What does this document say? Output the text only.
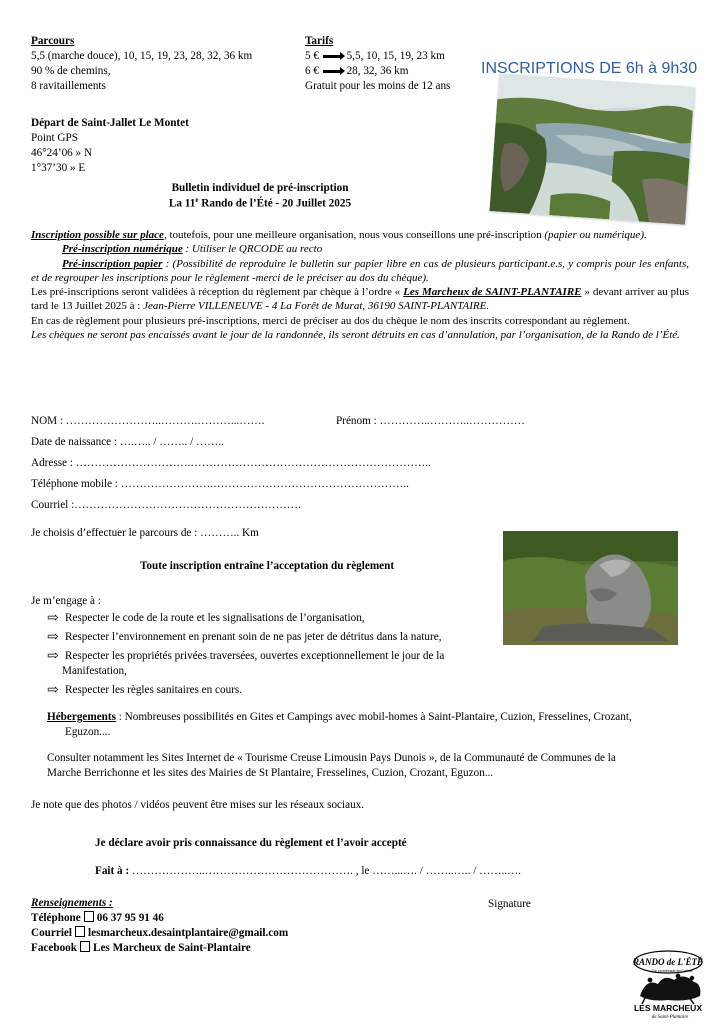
Parcours
5,5 (marche douce), 10, 15, 19, 23, 28, 32, 36 km
90 % de chemins,
8 ravitaillements
Tarifs
5 € 5,5, 10, 15, 19, 23 km
6 € 28, 32, 36 km
Gratuit pour les moins de 12 ans
INSCRIPTIONS DE 6h à 9h30
Départ de Saint-Jallet Le Montet
Point GPS
46°24’06 » N
1°37’30 » E
Bulletin individuel de pré-inscription
La 11e Rando de l’Été - 20 Juillet 2025
Inscription possible sur place, toutefois, pour une meilleure organisation, nous vous conseillons une pré-inscription (papier ou numérique).
Pré-inscription numérique : Utiliser le QRCODE au recto
Pré-inscription papier : (Possibilité de reproduire le bulletin sur papier libre en cas de plusieurs participant.e.s, y compris pour les enfants, et de regrouper les inscriptions pour le règlement -merci de le préciser au dos du chèque).
Les pré-inscriptions seront validées à réception du règlement par chèque à l’ordre « Les Marcheux de SAINT-PLANTAIRE » devant arriver au plus tard le 13 Juillet 2025 à : Jean-Pierre VILLENEUVE - 4 La Forêt de Murat, 36190 SAINT-PLANTAIRE.
En cas de règlement pour plusieurs pré-inscriptions, merci de préciser au dos du chèque le nom des inscrits correspondant au règlement.
Les chèques ne seront pas encaissés avant le jour de la randonnée, ils seront détruits en cas d’annulation, par l’organisation, de la Rando de l’Été.
NOM : ……………………..……….………...…….	Prénom : …………..………..……………
Date de naissance : ….….. / …….. / ……..
Adresse : ………………………….………………………………………………………..
Téléphone mobile : …………………….……………………………………………..
Courriel :…………………………………………………….
Je choisis d’effectuer le parcours de : ……….. Km
Toute inscription entraîne l’acceptation du règlement
Je m’engage à :
⇨ Respecter le code de la route et les signalisations de l’organisation,
⇨ Respecter l’environnement en prenant soin de ne pas jeter de détritus dans la nature,
⇨ Respecter les propriétés privées traversées, ouvertes exceptionnellement le jour de la
Manifestation,
⇨ Respecter les règles sanitaires en cours.
Hébergements : Nombreuses possibilités en Gites et Campings avec mobil-homes à Saint-Plantaire, Cuzion, Fresselines, Crozant,
Eguzon....
Consulter notamment les Sites Internet de « Tourisme Creuse Limousin Pays Dunois », de la Communauté de Communes de la
Marche Berrichonne et les sites des Mairies de St Plantaire, Fresselines, Cuzion, Crozant, Eguzon...
Je note que des photos / vidéos peuvent être mises sur les réseaux sociaux.
Je déclare avoir pris connaissance du règlement et l’avoir accepté
Fait à : ………………..…………………………………. , le ……...…. / ……..….. / ……..….
Renseignements :
Téléphone 06 37 95 91 46
Courriel lesmarcheux.desaintplantaire@gmail.com
Facebook Les Marcheux de Saint-Plantaire
Signature
RANDO de L'ÉTÉ
11e promenade en Creuse
LES MARCHEUX
de Saint-Plantaire
